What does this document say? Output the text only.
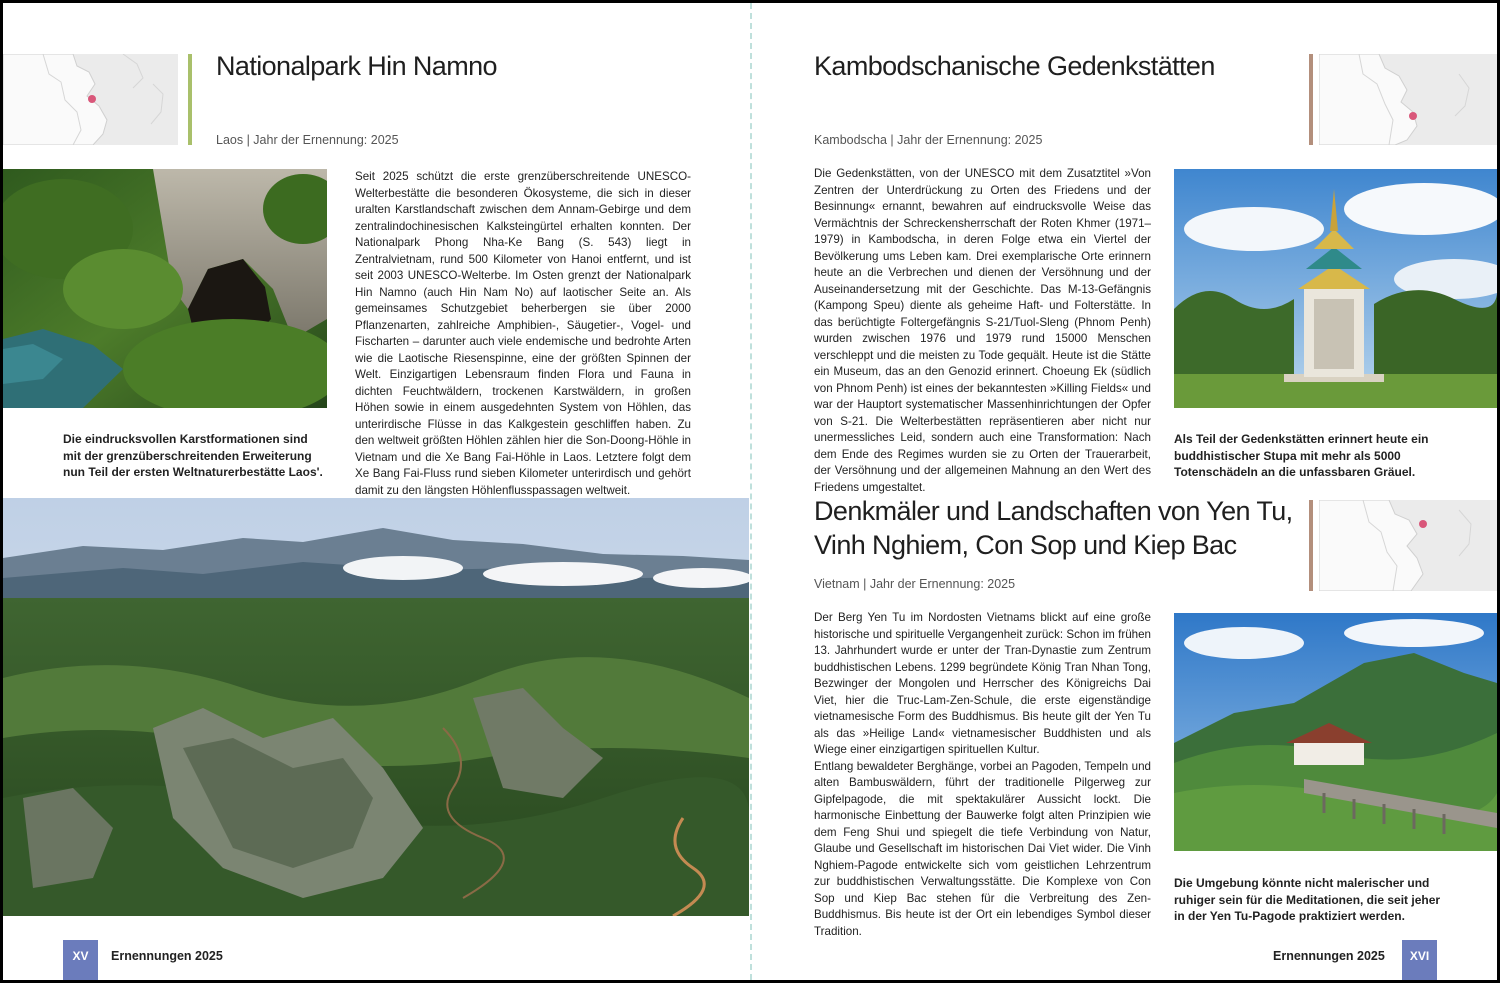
Nationalpark Hin Namno
Laos | Jahr der Ernennung: 2025
Seit 2025 schützt die erste grenzüberschreitende UNESCO-Welterbestätte die besonderen Ökosysteme, die sich in dieser uralten Karstlandschaft zwischen dem Annam-Gebirge und dem zentralindochinesischen Kalksteingürtel erhalten konnten. Der Nationalpark Phong Nha-Ke Bang (S. 543) liegt in Zentralvietnam, rund 500 Kilometer von Hanoi entfernt, und ist seit 2003 UNESCO-Welterbe. Im Osten grenzt der Nationalpark Hin Namno (auch Hin Nam No) auf laotischer Seite an. Als gemeinsames Schutzgebiet beherbergen sie über 2000 Pflanzenarten, zahlreiche Amphibien-, Säugetier-, Vogel- und Fischarten – darunter auch viele endemische und bedrohte Arten wie die Laotische Riesenspinne, eine der größten Spinnen der Welt. Einzigartigen Lebensraum finden Flora und Fauna in dichten Feuchtwäldern, trockenen Karstwäldern, in großen Höhen sowie in einem ausgedehnten System von Höhlen, das unterirdische Flüsse in das Kalkgestein geschliffen haben. Zu den weltweit größten Höhlen zählen hier die Son-Doong-Höhle in Vietnam und die Xe Bang Fai-Höhle in Laos. Letztere folgt dem Xe Bang Fai-Fluss rund sieben Kilometer unterirdisch und gehört damit zu den längsten Höhlenflusspassagen weltweit.
Die eindrucksvollen Karstformationen sind mit der grenzüberschreitenden Erweiterung nun Teil der ersten Weltnaturerbestätte Laos'.
XV	Ernennungen 2025
Kambodschanische Gedenkstätten
Kambodscha | Jahr der Ernennung: 2025
Die Gedenkstätten, von der UNESCO mit dem Zusatztitel »Von Zentren der Unterdrückung zu Orten des Friedens und der Besinnung« ernannt, bewahren auf eindrucksvolle Weise das Vermächtnis der Schreckensherrschaft der Roten Khmer (1971–1979) in Kambodscha, in deren Folge etwa ein Viertel der Bevölkerung ums Leben kam. Drei exemplarische Orte erinnern heute an die Verbrechen und dienen der Versöhnung und der Auseinandersetzung mit der Geschichte. Das M-13-Gefängnis (Kampong Speu) diente als geheime Haft- und Folterstätte. In das berüchtigte Foltergefängnis S-21/Tuol-Sleng (Phnom Penh) wurden zwischen 1976 und 1979 rund 15000 Menschen verschleppt und die meisten zu Tode gequält. Heute ist die Stätte ein Museum, das an den Genozid erinnert. Choeung Ek (südlich von Phnom Penh) ist eines der bekanntesten »Killing Fields« und war der Hauptort systematischer Massenhinrichtungen der Opfer von S-21. Die Welterbestätten repräsentieren aber nicht nur unermessliches Leid, sondern auch eine Transformation: Nach dem Ende des Regimes wurden sie zu Orten der Trauerarbeit, der Versöhnung und der allgemeinen Mahnung an den Wert des Friedens umgestaltet.
Als Teil der Gedenkstätten erinnert heute ein buddhistischer Stupa mit mehr als 5000 Totenschädeln an die unfassbaren Gräuel.
Denkmäler und Landschaften von Yen Tu,
Vinh Nghiem, Con Sop und Kiep Bac
Vietnam | Jahr der Ernennung: 2025

Der Berg Yen Tu im Nordosten Vietnams blickt auf eine große historische und spirituelle Vergangenheit zurück: Schon im frühen 13. Jahrhundert wurde er unter der Tran-Dynastie zum Zentrum buddhistischen Lebens. 1299 begründete König Tran Nhan Tong, Bezwinger der Mongolen und Herrscher des Königreichs Dai Viet, hier die Truc-Lam-Zen-Schule, die erste eigenständige vietnamesische Form des Buddhismus. Bis heute gilt der Yen Tu als das »Heilige Land« vietnamesischer Buddhisten und als Wiege einer einzigartigen spirituellen Kultur.

Entlang bewaldeter Berghänge, vorbei an Pagoden, Tempeln und alten Bambuswäldern, führt der traditionelle Pilgerweg zur Gipfelpagode, die mit spektakulärer Aussicht lockt. Die harmonische Einbettung der Bauwerke folgt alten Prinzipien wie dem Feng Shui und spiegelt die tiefe Verbindung von Natur, Glaube und Gesellschaft im historischen Dai Viet wider. Die Vinh Nghiem-Pagode entwickelte sich vom geistlichen Lehrzentrum zur buddhistischen Verwaltungsstätte. Die Komplexe von Con Sop und Kiep Bac stehen für die Verbreitung des Zen-Buddhismus. Bis heute ist der Ort ein lebendiges Symbol dieser Tradition.

Die Umgebung könnte nicht malerischer und ruhiger sein für die Meditationen, die seit jeher in der Yen Tu-Pagode praktiziert werden.
Ernennungen 2025	XVI
